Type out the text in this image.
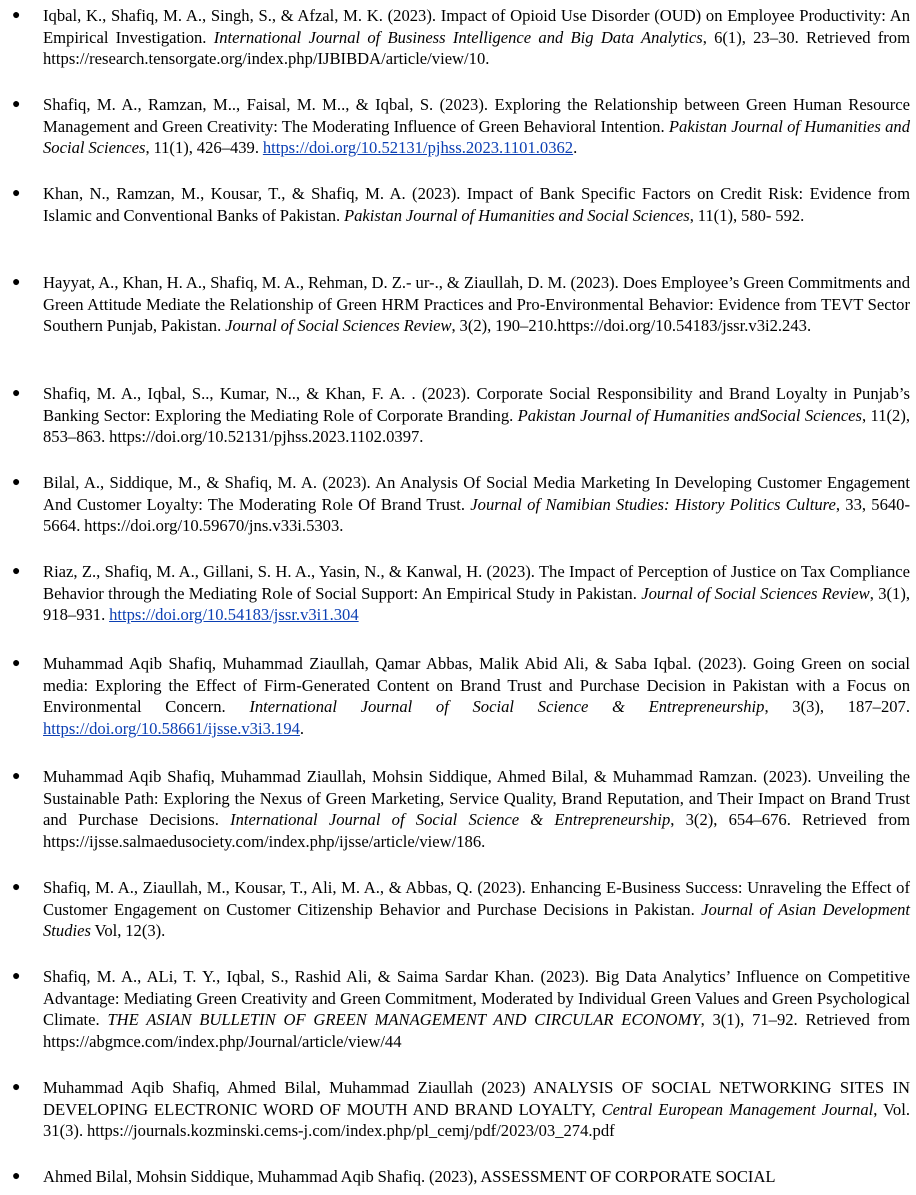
● Iqbal, K., Shafiq, M. A., Singh, S., & Afzal, M. K. (2023). Impact of Opioid Use Disorder (OUD) on Employee Productivity: An Empirical Investigation. International Journal of Business Intelligence and Big Data Analytics, 6(1), 23–30. Retrieved from https://research.tensorgate.org/index.php/IJBIBDA/article/view/10.
● Shafiq, M. A., Ramzan, M.., Faisal, M. M.., & Iqbal, S. (2023). Exploring the Relationship between Green Human Resource Management and Green Creativity: The Moderating Influence of Green Behavioral Intention. Pakistan Journal of Humanities and Social Sciences, 11(1), 426–439. https://doi.org/10.52131/pjhss.2023.1101.0362.
● Khan, N., Ramzan, M., Kousar, T., & Shafiq, M. A. (2023). Impact of Bank Specific Factors on Credit Risk: Evidence from Islamic and Conventional Banks of Pakistan. Pakistan Journal of Humanities and Social Sciences, 11(1), 580- 592.
● Hayyat, A., Khan, H. A., Shafiq, M. A., Rehman, D. Z.- ur-., & Ziaullah, D. M. (2023). Does Employee’s Green Commitments and Green Attitude Mediate the Relationship of Green HRM Practices and Pro-Environmental Behavior: Evidence from TEVT Sector Southern Punjab, Pakistan. Journal of Social Sciences Review, 3(2), 190–210.https://doi.org/10.54183/jssr.v3i2.243.
● Shafiq, M. A., Iqbal, S.., Kumar, N.., & Khan, F. A. . (2023). Corporate Social Responsibility and Brand Loyalty in Punjab’s Banking Sector: Exploring the Mediating Role of Corporate Branding. Pakistan Journal of Humanities andSocial Sciences, 11(2), 853–863. https://doi.org/10.52131/pjhss.2023.1102.0397.
● Bilal, A., Siddique, M., & Shafiq, M. A. (2023). An Analysis Of Social Media Marketing In Developing Customer Engagement And Customer Loyalty: The Moderating Role Of Brand Trust. Journal of Namibian Studies: History Politics Culture, 33, 5640-5664. https://doi.org/10.59670/jns.v33i.5303.
● Riaz, Z., Shafiq, M. A., Gillani, S. H. A., Yasin, N., & Kanwal, H. (2023). The Impact of Perception of Justice on Tax Compliance Behavior through the Mediating Role of Social Support: An Empirical Study in Pakistan. Journal of Social Sciences Review, 3(1), 918–931. https://doi.org/10.54183/jssr.v3i1.304
● Muhammad Aqib Shafiq, Muhammad Ziaullah, Qamar Abbas, Malik Abid Ali, & Saba Iqbal. (2023). Going Green on social media: Exploring the Effect of Firm-Generated Content on Brand Trust and Purchase Decision in Pakistan with a Focus on Environmental Concern. International Journal of Social Science & Entrepreneurship, 3(3), 187–207. https://doi.org/10.58661/ijsse.v3i3.194.
● Muhammad Aqib Shafiq, Muhammad Ziaullah, Mohsin Siddique, Ahmed Bilal, & Muhammad Ramzan. (2023). Unveiling the Sustainable Path: Exploring the Nexus of Green Marketing, Service Quality, Brand Reputation, and Their Impact on Brand Trust and Purchase Decisions. International Journal of Social Science & Entrepreneurship, 3(2), 654–676. Retrieved from https://ijsse.salmaedusociety.com/index.php/ijsse/article/view/186.
● Shafiq, M. A., Ziaullah, M., Kousar, T., Ali, M. A., & Abbas, Q. (2023). Enhancing E-Business Success: Unraveling the Effect of Customer Engagement on Customer Citizenship Behavior and Purchase Decisions in Pakistan. Journal of Asian Development Studies Vol, 12(3).
● Shafiq, M. A., ALi, T. Y., Iqbal, S., Rashid Ali, & Saima Sardar Khan. (2023). Big Data Analytics’ Influence on Competitive Advantage: Mediating Green Creativity and Green Commitment, Moderated by Individual Green Values and Green Psychological Climate. THE ASIAN BULLETIN OF GREEN MANAGEMENT AND CIRCULAR ECONOMY, 3(1), 71–92. Retrieved from https://abgmce.com/index.php/Journal/article/view/44
● Muhammad Aqib Shafiq, Ahmed Bilal, Muhammad Ziaullah (2023) ANALYSIS OF SOCIAL NETWORKING SITES IN DEVELOPING ELECTRONIC WORD OF MOUTH AND BRAND LOYALTY, Central European Management Journal, Vol. 31(3). https://journals.kozminski.cems-j.com/index.php/pl_cemj/pdf/2023/03_274.pdf
● Ahmed Bilal, Mohsin Siddique, Muhammad Aqib Shafiq. (2023), ASSESSMENT OF CORPORATE SOCIAL
